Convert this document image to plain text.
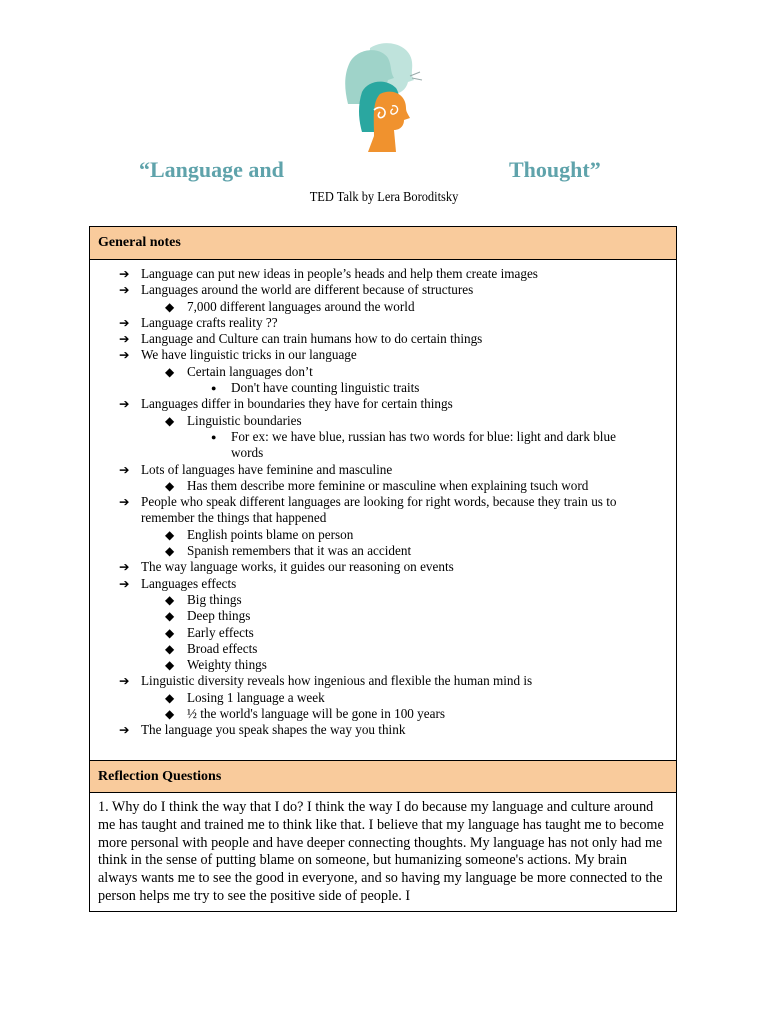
“Language and	Thought”
TED Talk by Lera Boroditsky
General notes
➔ Language can put new ideas in people’s heads and help them create images
➔ Languages around the world are different because of structures
◆ 7,000 different languages around the world
➔ Language crafts reality ??
➔ Language and Culture can train humans how to do certain things
➔ We have linguistic tricks in our language
◆ Certain languages don’t
● Don't have counting linguistic traits
➔ Languages differ in boundaries they have for certain things
◆ Linguistic boundaries
● For ex: we have blue, russian has two words for blue: light and dark blue
words
➔ Lots of languages have feminine and masculine
◆ Has them describe more feminine or masculine when explaining tsuch word
➔ People who speak different languages are looking for right words, because they train us to
remember the things that happened
◆ English points blame on person
◆ Spanish remembers that it was an accident
➔ The way language works, it guides our reasoning on events
➔ Languages effects
◆ Big things
◆ Deep things
◆ Early effects
◆ Broad effects
◆ Weighty things
➔ Linguistic diversity reveals how ingenious and flexible the human mind is
◆ Losing 1 language a week
◆ ½ the world's language will be gone in 100 years
➔ The language you speak shapes the way you think
Reflection Questions
1. Why do I think the way that I do? I think the way I do because my language and culture around me has taught and trained me to think like that. I believe that my language has taught me to become more personal with people and have deeper connecting thoughts. My language has not only had me think in the sense of putting blame on someone, but humanizing someone's actions. My brain always wants me to see the good in everyone, and so having my language be more connected to the person helps me try to see the positive side of people. I
